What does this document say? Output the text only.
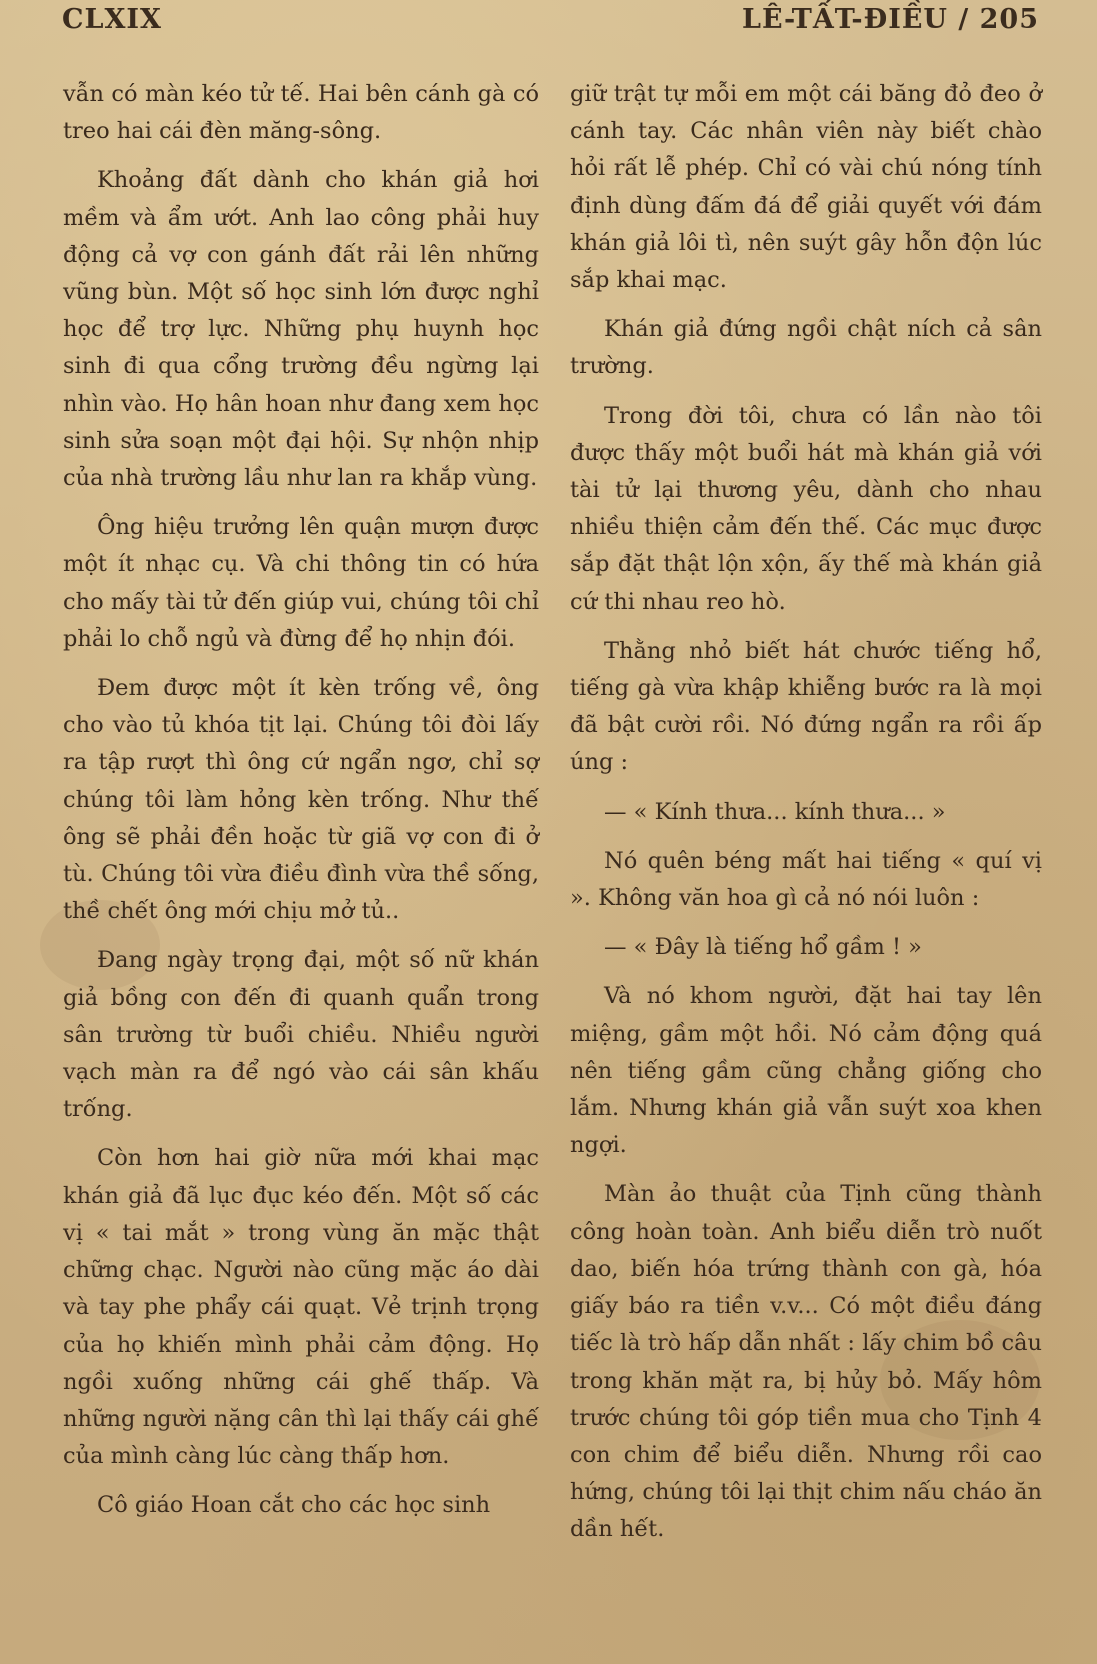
CLXIX	LÊ-TẤT-ĐIỀU / 205

vẫn có màn kéo tử tế. Hai bên cánh gà có treo hai cái đèn măng-sông.

Khoảng đất dành cho khán giả hơi mềm và ẩm ướt. Anh lao công phải huy động cả vợ con gánh đất rải lên những vũng bùn. Một số học sinh lớn được nghỉ học để trợ lực. Những phụ huynh học sinh đi qua cổng trường đều ngừng lại nhìn vào. Họ hân hoan như đang xem học sinh sửa soạn một đại hội. Sự nhộn nhịp của nhà trường lầu như lan ra khắp vùng.

Ông hiệu trưởng lên quận mượn được một ít nhạc cụ. Và chi thông tin có hứa cho mấy tài tử đến giúp vui, chúng tôi chỉ phải lo chỗ ngủ và đừng để họ nhịn đói.

Đem được một ít kèn trống về, ông cho vào tủ khóa tịt lại. Chúng tôi đòi lấy ra tập rượt thì ông cứ ngẩn ngơ, chỉ sợ chúng tôi làm hỏng kèn trống. Như thế ông sẽ phải đền hoặc từ giã vợ con đi ở tù. Chúng tôi vừa điều đình vừa thề sống, thề chết ông mới chịu mở tủ..

Đang ngày trọng đại, một số nữ khán giả bồng con đến đi quanh quẩn trong sân trường từ buổi chiều. Nhiều người vạch màn ra để ngó vào cái sân khấu trống.

Còn hơn hai giờ nữa mới khai mạc khán giả đã lục đục kéo đến. Một số các vị « tai mắt » trong vùng ăn mặc thật chững chạc. Người nào cũng mặc áo dài và tay phe phẩy cái quạt. Vẻ trịnh trọng của họ khiến mình phải cảm động. Họ ngồi xuống những cái ghế thấp. Và những người nặng cân thì lại thấy cái ghế của mình càng lúc càng thấp hơn.

Cô giáo Hoan cắt cho các học sinh

giữ trật tự mỗi em một cái băng đỏ đeo ở cánh tay. Các nhân viên này biết chào hỏi rất lễ phép. Chỉ có vài chú nóng tính định dùng đấm đá để giải quyết với đám khán giả lôi tì, nên suýt gây hỗn độn lúc sắp khai mạc.

Khán giả đứng ngồi chật ních cả sân trường.

Trong đời tôi, chưa có lần nào tôi được thấy một buổi hát mà khán giả với tài tử lại thương yêu, dành cho nhau nhiều thiện cảm đến thế. Các mục được sắp đặt thật lộn xộn, ấy thế mà khán giả cứ thi nhau reo hò.

Thằng nhỏ biết hát chước tiếng hổ, tiếng gà vừa khập khiễng bước ra là mọi đã bật cười rồi. Nó đứng ngẩn ra rồi ấp úng :

— « Kính thưa... kính thưa... »

Nó quên béng mất hai tiếng « quí vị ». Không văn hoa gì cả nó nói luôn :

— « Đây là tiếng hổ gầm ! »

Và nó khom người, đặt hai tay lên miệng, gầm một hồi. Nó cảm động quá nên tiếng gầm cũng chẳng giống cho lắm. Nhưng khán giả vẫn suýt xoa khen ngợi.

Màn ảo thuật của Tịnh cũng thành công hoàn toàn. Anh biểu diễn trò nuốt dao, biến hóa trứng thành con gà, hóa giấy báo ra tiền v.v... Có một điều đáng tiếc là trò hấp dẫn nhất : lấy chim bồ câu trong khăn mặt ra, bị hủy bỏ. Mấy hôm trước chúng tôi góp tiền mua cho Tịnh 4 con chim để biểu diễn. Nhưng rồi cao hứng, chúng tôi lại thịt chim nấu cháo ăn dần hết.
